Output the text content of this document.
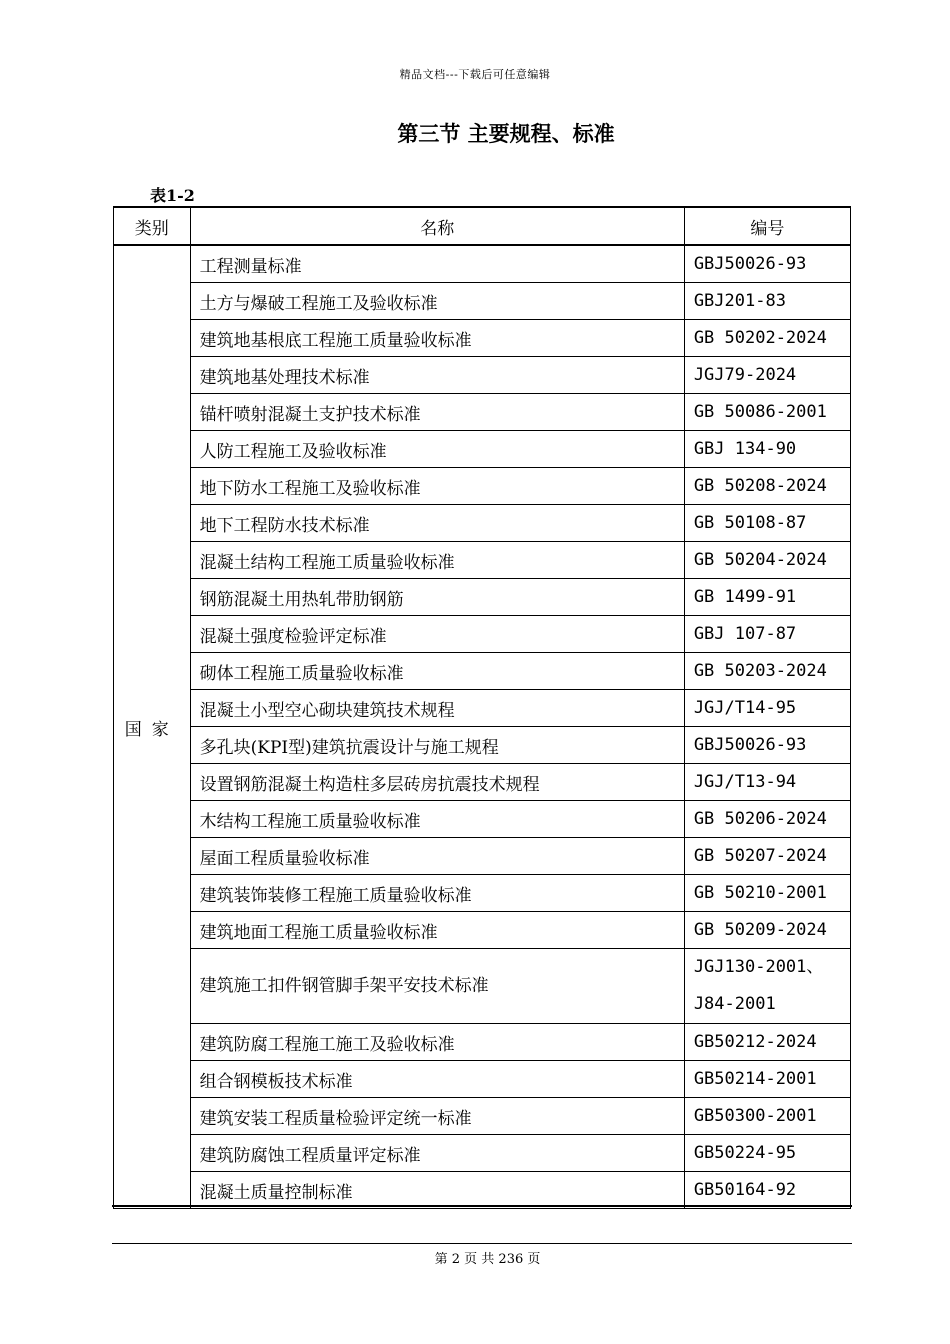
精品文档---下载后可任意编辑
第三节 主要规程、标准
表1-2
类别	名称	编号
国家	工程测量标准	GBJ50026-93
	土方与爆破工程施工及验收标准	GBJ201-83
	建筑地基根底工程施工质量验收标准	GB 50202-2024
	建筑地基处理技术标准	JGJ79-2024
	锚杆喷射混凝土支护技术标准	GB 50086-2001
	人防工程施工及验收标准	GBJ 134-90
	地下防水工程施工及验收标准	GB 50208-2024
	地下工程防水技术标准	GB 50108-87
	混凝土结构工程施工质量验收标准	GB 50204-2024
	钢筋混凝土用热轧带肋钢筋	GB 1499-91
	混凝土强度检验评定标准	GBJ 107-87
	砌体工程施工质量验收标准	GB 50203-2024
	混凝土小型空心砌块建筑技术规程	JGJ/T14-95
	多孔块(KPⅠ型)建筑抗震设计与施工规程	GBJ50026-93
	设置钢筋混凝土构造柱多层砖房抗震技术规程	JGJ/T13-94
	木结构工程施工质量验收标准	GB 50206-2024
	屋面工程质量验收标准	GB 50207-2024
	建筑装饰装修工程施工质量验收标准	GB 50210-2001
	建筑地面工程施工质量验收标准	GB 50209-2024
	建筑施工扣件钢管脚手架平安技术标准	JGJ130-2001、
J84-2001

	建筑防腐工程施工施工及验收标准	GB50212-2024
	组合钢模板技术标准	GB50214-2001
	建筑安装工程质量检验评定统一标准	GB50300-2001
	建筑防腐蚀工程质量评定标准	GB50224-95
	混凝土质量控制标准	GB50164-92
第 2 页 共 236 页
